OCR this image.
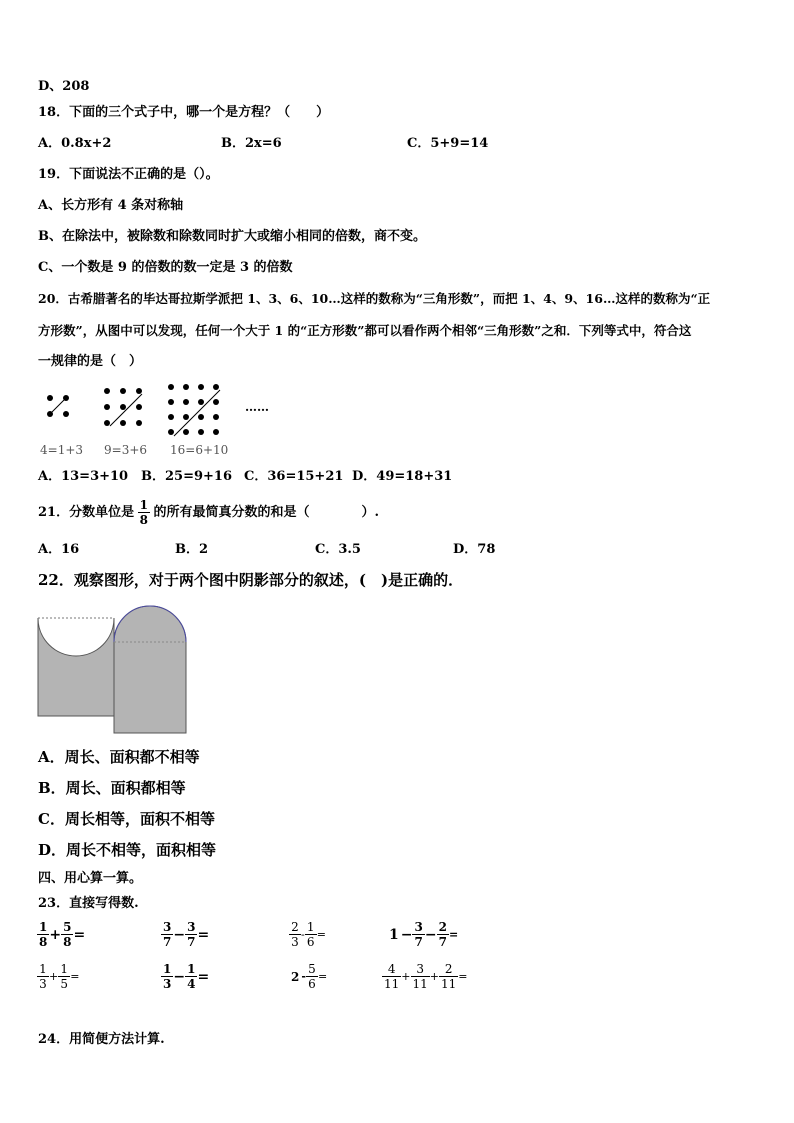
D、208
18．下面的三个式子中，哪一个是方程？（　　）
A．0.8x+2	B．2x=6	C．5+9=14
19．下面说法不正确的是（）。
A、长方形有 4 条对称轴
B、在除法中，被除数和除数同时扩大或缩小相同的倍数，商不变。
C、一个数是 9 的倍数的数一定是 3 的倍数
20．古希腊著名的毕达哥拉斯学派把 1、3、6、10…这样的数称为“三角形数”，而把 1、4、9、16…这样的数称为“正
方形数”，从图中可以发现，任何一个大于 1 的“正方形数”都可以看作两个相邻“三角形数”之和．下列等式中，符合这
一规律的是（　）
……
4=1+3 9=3+6 16=6+10
A．13=3+10 B．25=9+16 C．36=15+21 D．49=18+31
21．分数单位是 $\frac{1}{8}$ 的所有最简真分数的和是（　　　　）.
A．16	B．2	C．3.5	D．78
22．观察图形，对于两个图中阴影部分的叙述，(　)是正确的．
A．周长、面积都不相等
B．周长、面积都相等
C．周长相等，面积不相等
D．周长不相等，面积相等
四、用心算一算。
23．直接写得数.
$\frac{1}{8} + \frac{5}{8}$ =	$\frac{3}{7} - \frac{3}{7}$ =	$\frac{2}{3} - \frac{1}{6}$ =	$1 - \frac{3}{7} - \frac{2}{7}$ =
$\frac{1}{3} + \frac{1}{5}$ =	$\frac{1}{3} - \frac{1}{4}$ =	$2 - \frac{5}{6}$ =	$\frac{4}{11} + \frac{3}{11} + \frac{2}{11}$ =
24．用简便方法计算.
